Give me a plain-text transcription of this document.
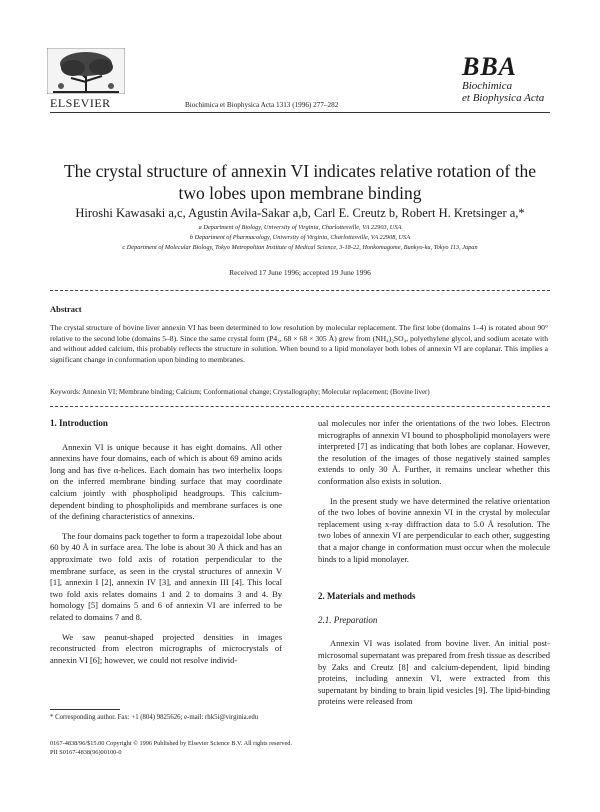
ELSEVIER	Biochimica et Biophysica Acta 1313 (1996) 277–282
BBA
Biochimica
et Biophysica Acta
The crystal structure of annexin VI indicates relative rotation of the two lobes upon membrane binding
Hiroshi Kawasaki a,c, Agustin Avila-Sakar a,b, Carl E. Creutz b, Robert H. Kretsinger a,*
a Department of Biology, University of Virginia, Charlottesville, VA 22903, USA
b Department of Pharmacology, University of Virginia, Charlottesville, VA 22908, USA
c Department of Molecular Biology, Tokyo Metropolitan Institute of Medical Science, 3-18-22, Honkomagome, Bunkyo-ku, Tokyo 113, Japan
Received 17 June 1996; accepted 19 June 1996
Abstract
The crystal structure of bovine liver annexin VI has been determined to low resolution by molecular replacement. The first lobe (domains 1–4) is rotated about 90° relative to the second lobe (domains 5–8). Since the same crystal form (P4₃, 68 × 68 × 305 Å) grew from (NH₄)₂SO₄, polyethylene glycol, and sodium acetate with and without added calcium, this probably reflects the structure in solution. When bound to a lipid monolayer both lobes of annexin VI are coplanar. This implies a significant change in conformation upon binding to membranes.
Keywords: Annexin VI; Membrane binding; Calcium; Conformational change; Crystallography; Molecular replacement; (Bovine liver)
1. Introduction

Annexin VI is unique because it has eight domains. All other annexins have four domains, each of which is about 69 amino acids long and has five α-helices. Each domain has two interhelix loops on the inferred membrane binding surface that may coordinate calcium jointly with phospholipid headgroups. This calcium-dependent binding to phospholipids and membrane surfaces is one of the defining characteristics of annexins.

The four domains pack together to form a trapezoidal lobe about 60 by 40 Å in surface area. The lobe is about 30 Å thick and has an approximate two fold axis of rotation perpendicular to the membrane surface, as seen in the crystal structures of annexin V [1], annexin I [2], annexin IV [3], and annexin III [4]. This local two fold axis relates domains 1 and 2 to domains 3 and 4. By homology [5] domains 5 and 6 of annexin VI are inferred to be related to domains 7 and 8.

We saw peanut-shaped projected densities in images reconstructed from electron micrographs of microcrystals of annexin VI [6]; however, we could not resolve individ-

ual molecules nor infer the orientations of the two lobes. Electron micrographs of annexin VI bound to phospholipid monolayers were interpreted [7] as indicating that both lobes are coplanar. However, the resolution of the images of those negatively stained samples extends to only 30 Å. Further, it remains unclear whether this conformation also exists in solution.

In the present study we have determined the relative orientation of the two lobes of bovine annexin VI in the crystal by molecular replacement using x-ray diffraction data to 5.0 Å resolution. The two lobes of annexin VI are perpendicular to each other, suggesting that a major change in conformation must occur when the molecule binds to a lipid monolayer.

2. Materials and methods
2.1. Preparation

Annexin VI was isolated from bovine liver. An initial post-microsomal supernatant was prepared from fresh tissue as described by Zaks and Creutz [8] and calcium-dependent, lipid binding proteins, including annexin VI, were extracted from this supernatant by binding to brain lipid vesicles [9]. The lipid-binding proteins were released from

* Corresponding author. Fax: +1 (804) 9825626; e-mail: rhk5i@virginia.edu
0167-4838/96/$15.00 Copyright © 1996 Published by Elsevier Science B.V. All rights reserved.
PII S0167-4838(96)00100-0
